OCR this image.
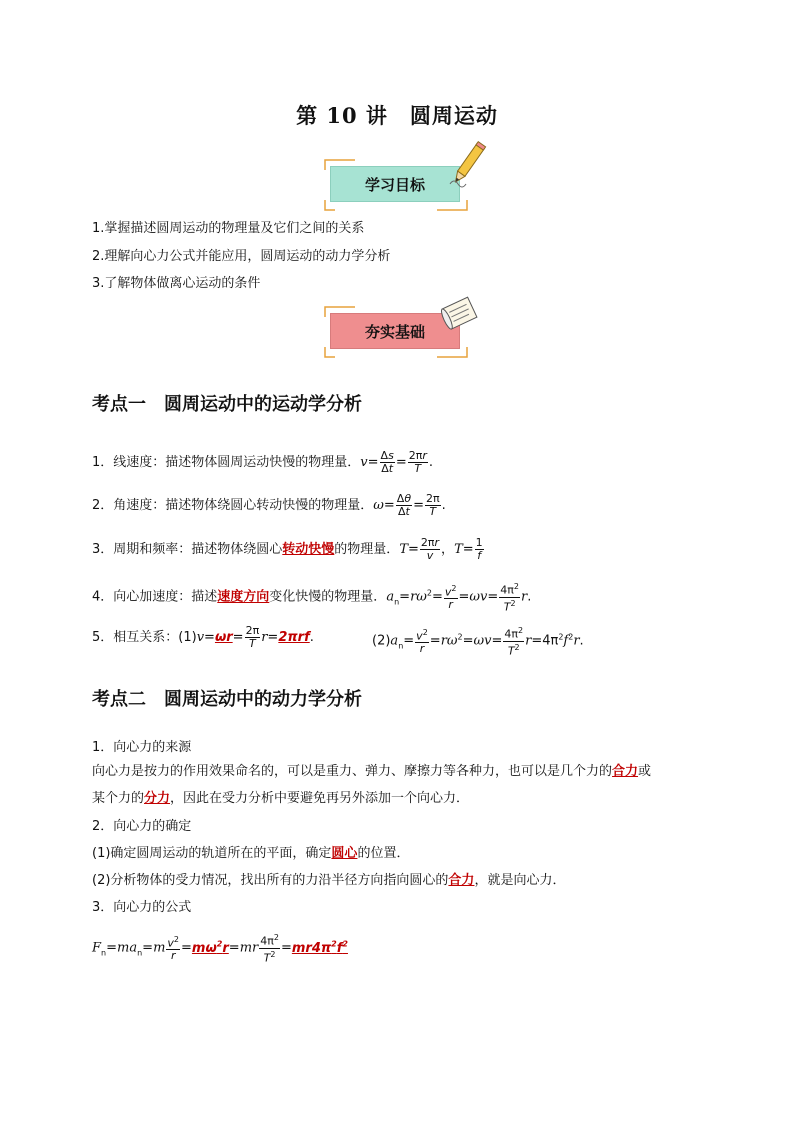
第 10 讲　圆周运动
学习目标
1.掌握描述圆周运动的物理量及它们之间的关系
2.理解向心力公式并能应用，圆周运动的动力学分析
3.了解物体做离心运动的条件
夯实基础
考点一　圆周运动中的运动学分析
1．线速度：描述物体圆周运动快慢的物理量．$v= \frac{\Delta s}{\Delta t} = \frac{2\pi r}{T}$ .
2．角速度：描述物体绕圆心转动快慢的物理量．$\omega= \frac{\Delta\theta}{\Delta t} = \frac{2\pi}{T}$ .
3．周期和频率：描述物体绕圆心转动快慢的物理量．$T= \frac{2\pi r}{v}$ ，$T= \frac{1}{f}$
4．向心加速度：描述速度方向变化快慢的物理量．$a_n=r\omega^2= \frac{v^2}{r} =\omega v= \frac{4\pi^2}{T^2} r$.
5．相互关系：$(1)v=\omega r= \frac{2\pi}{T} r=2\pi rf$.	$(2)a_n= \frac{v^2}{r} =r\omega^2=\omega v= \frac{4\pi^2}{T^2} r=4\pi^2f^2r$.
考点二　圆周运动中的动力学分析
1．向心力的来源
向心力是按力的作用效果命名的，可以是重力、弹力、摩擦力等各种力，也可以是几个力的合力或
某个力的分力，因此在受力分析中要避免再另外添加一个向心力．
2．向心力的确定
(1)确定圆周运动的轨道所在的平面，确定圆心的位置．
(2)分析物体的受力情况，找出所有的力沿半径方向指向圆心的合力，就是向心力．
3．向心力的公式
$F_n=ma_n=m \frac{v^2}{r} =m\omega^2r=mr \frac{4\pi^2}{T^2} =mr4\pi^2f^2$
